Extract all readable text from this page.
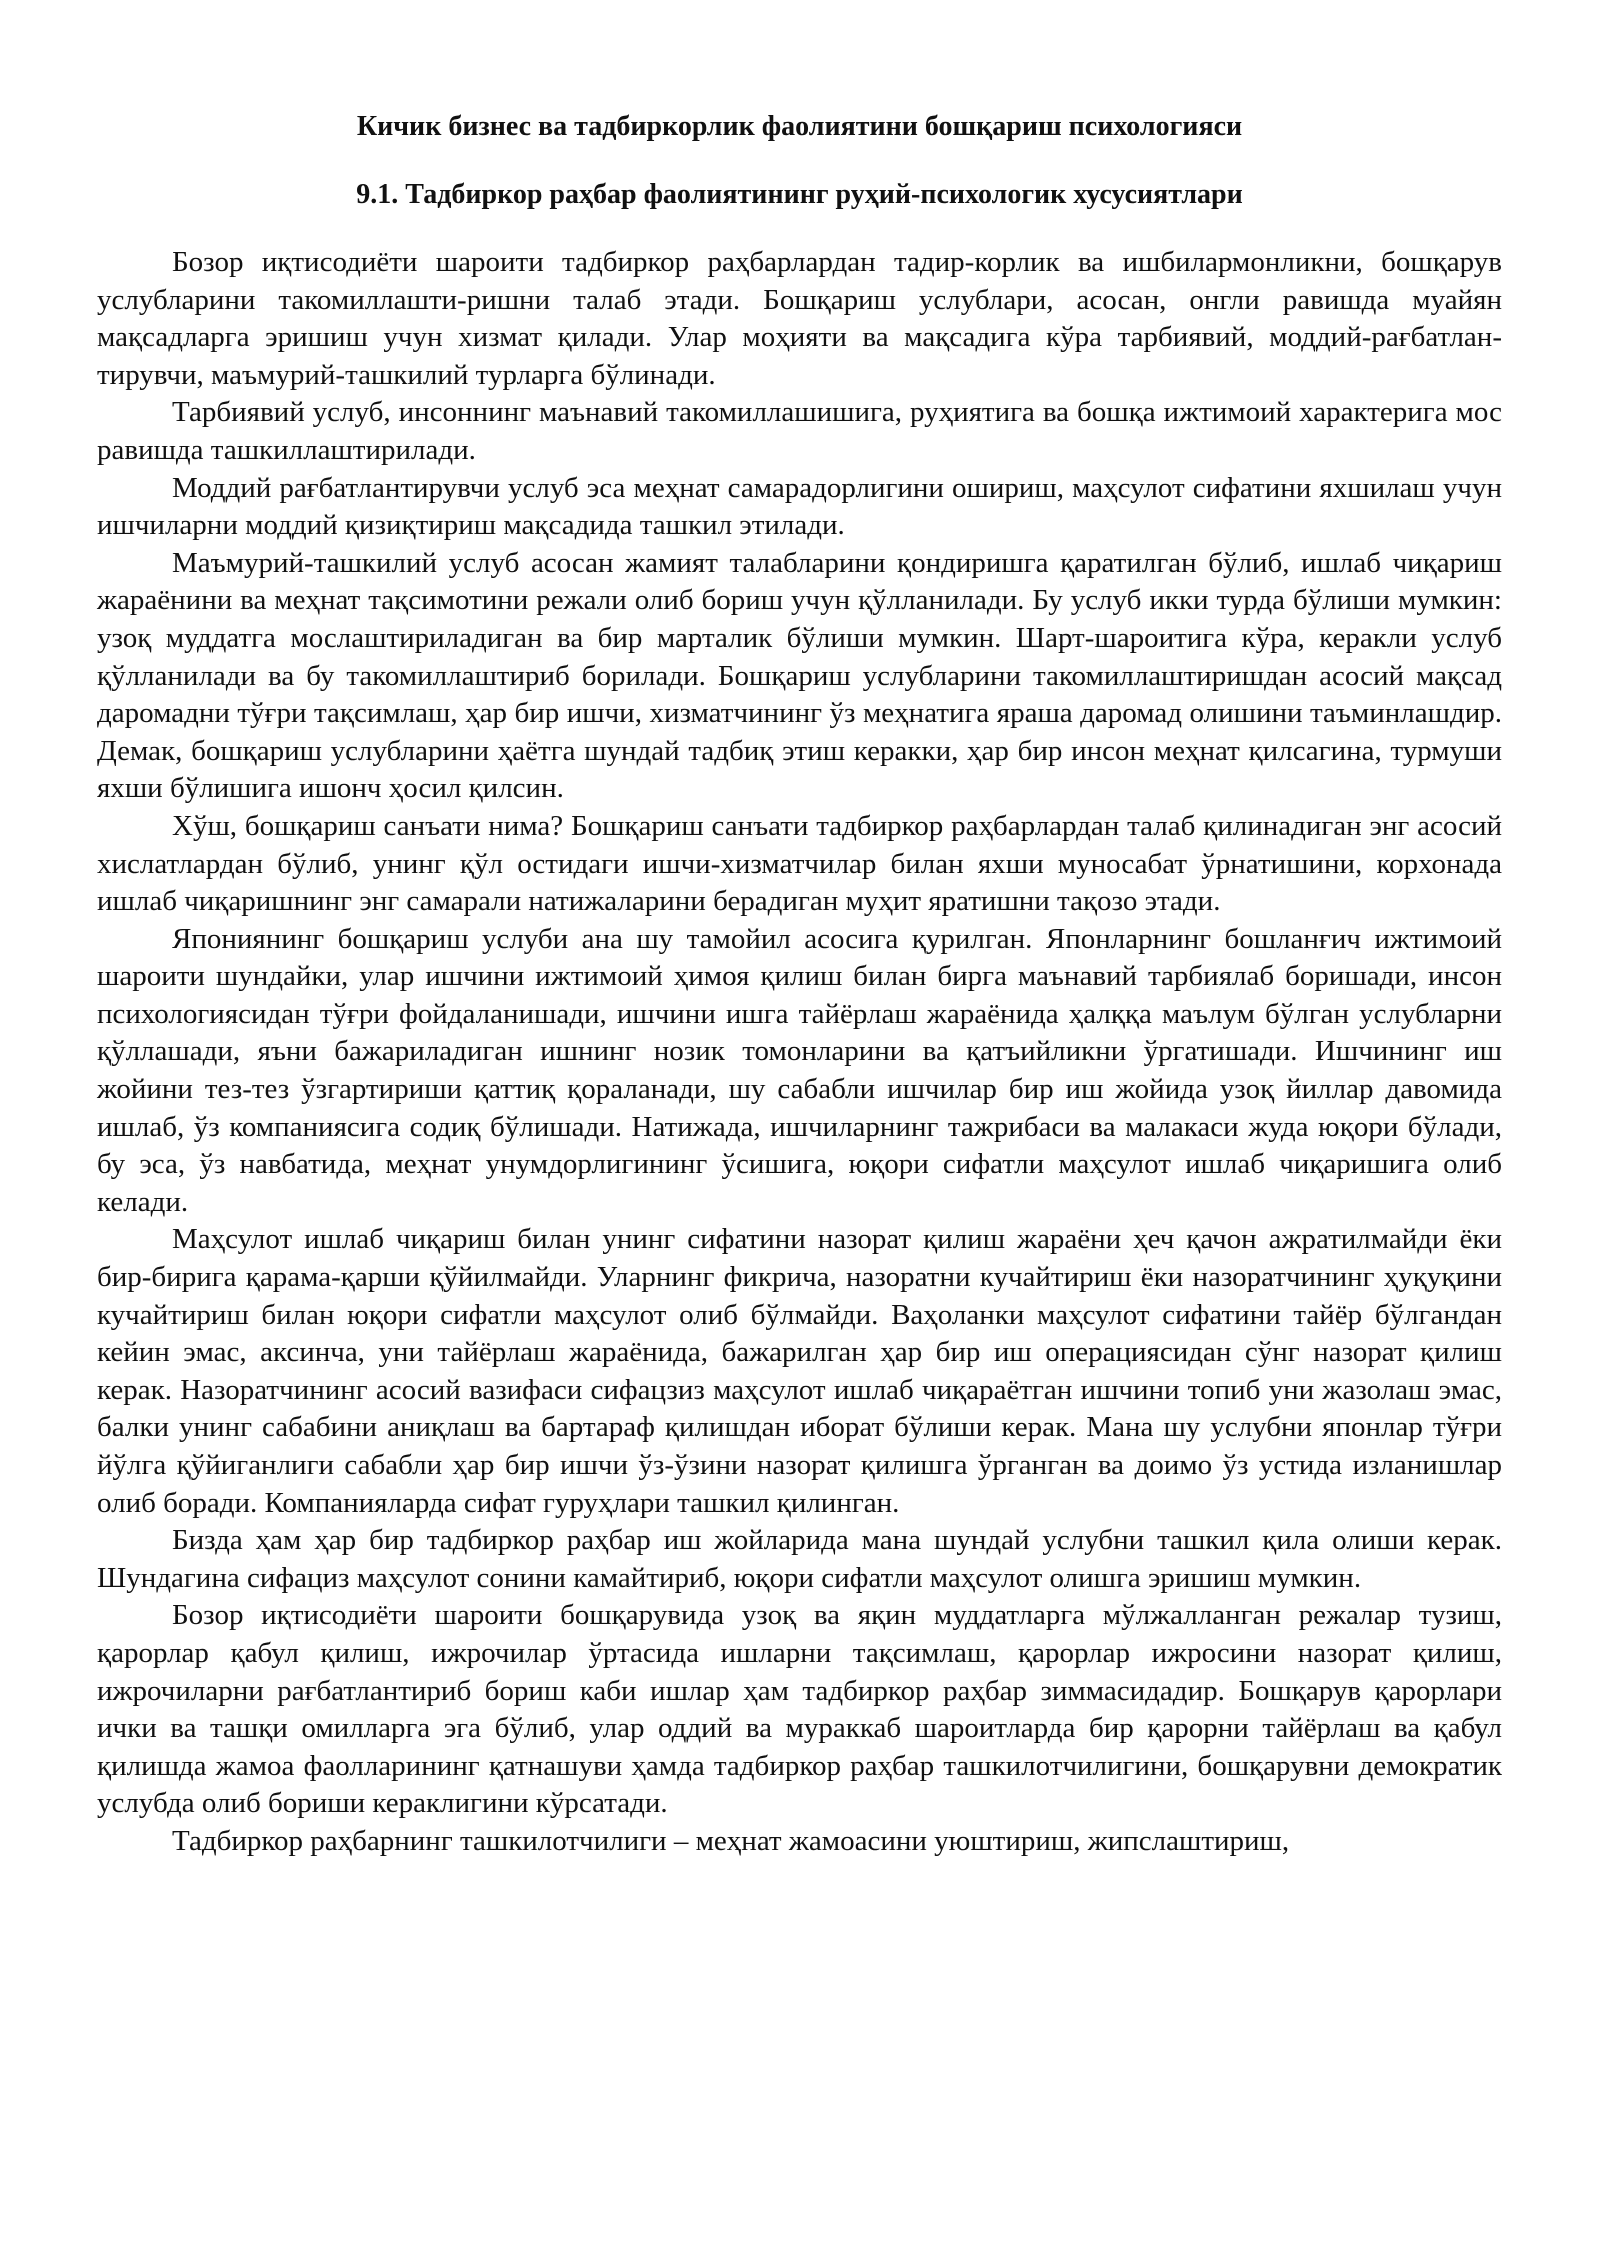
Кичик бизнес ва тадбиркорлик фаолиятини бошқариш психологияси
9.1. Тадбиркор раҳбар фаолиятининг руҳий-психологик хусусиятлари

Бозор иқтисодиёти шароити тадбиркор раҳбарлардан тадир-корлик ва ишбилармонликни, бошқарув услубларини такомиллашти-ришни талаб этади. Бошқариш услублари, асосан, онгли равишда муайян мақсадларга эришиш учун хизмат қилади. Улар моҳияти ва мақсадига кўра тарбиявий, моддий-рағбатлан-тирувчи, маъмурий-ташкилий турларга бўлинади.

Тарбиявий услуб, инсоннинг маънавий такомиллашишига, руҳиятига ва бошқа ижтимоий характерига мос равишда ташкиллаштирилади.

Моддий рағбатлантирувчи услуб эса меҳнат самарадорлигини ошириш, маҳсулот сифатини яхшилаш учун ишчиларни моддий қизиқтириш мақсадида ташкил этилади.

Маъмурий-ташкилий услуб асосан жамият талабларини қондиришга қаратилган бўлиб, ишлаб чиқариш жараёнини ва меҳнат тақсимотини режали олиб бориш учун қўлланилади. Бу услуб икки турда бўлиши мумкин: узоқ муддатга мослаштириладиган ва бир марталик бўлиши мумкин. Шарт-шароитига кўра, керакли услуб қўлланилади ва бу такомиллаштириб борилади. Бошқариш услубларини такомиллаштиришдан асосий мақсад даромадни тўғри тақсимлаш, ҳар бир ишчи, хизматчининг ўз меҳнатига яраша даромад олишини таъминлашдир. Демак, бошқариш услубларини ҳаётга шундай тадбиқ этиш керакки, ҳар бир инсон меҳнат қилсагина, турмуши яхши бўлишига ишонч ҳосил қилсин.

Хўш, бошқариш санъати нима? Бошқариш санъати тадбиркор раҳбарлардан талаб қилинадиган энг асосий хислатлардан бўлиб, унинг қўл остидаги ишчи-хизматчилар билан яхши муносабат ўрнатишини, корхонада ишлаб чиқаришнинг энг самарали натижаларини берадиган муҳит яратишни тақозо этади.

Япониянинг бошқариш услуби ана шу тамойил асосига қурилган. Японларнинг бошланғич ижтимоий шароити шундайки, улар ишчини ижтимоий ҳимоя қилиш билан бирга маънавий тарбиялаб боришади, инсон психологиясидан тўғри фойдаланишади, ишчини ишга тайёрлаш жараёнида ҳалққа маълум бўлган услубларни қўллашади, яъни бажариладиган ишнинг нозик томонларини ва қатъийликни ўргатишади. Ишчининг иш жойини тез-тез ўзгартириши қаттиқ қораланади, шу сабабли ишчилар бир иш жойида узоқ йиллар давомида ишлаб, ўз компаниясига содиқ бўлишади. Натижада, ишчиларнинг тажрибаси ва малакаси жуда юқори бўлади, бу эса, ўз навбатида, меҳнат унумдорлигининг ўсишига, юқори сифатли маҳсулот ишлаб чиқаришига олиб келади.

Маҳсулот ишлаб чиқариш билан унинг сифатини назорат қилиш жараёни ҳеч қачон ажратилмайди ёки бир-бирига қарама-қарши қўйилмайди. Уларнинг фикрича, назоратни кучайтириш ёки назоратчининг ҳуқуқини кучайтириш билан юқори сифатли маҳсулот олиб бўлмайди. Ваҳоланки маҳсулот сифатини тайёр бўлгандан кейин эмас, аксинча, уни тайёрлаш жараёнида, бажарилган ҳар бир иш операциясидан сўнг назорат қилиш керак. Назоратчининг асосий вазифаси сифацзиз маҳсулот ишлаб чиқараётган ишчини топиб уни жазолаш эмас, балки унинг сабабини аниқлаш ва бартараф қилишдан иборат бўлиши керак. Мана шу услубни японлар тўғри йўлга қўйиганлиги сабабли ҳар бир ишчи ўз-ўзини назорат қилишга ўрганган ва доимо ўз устида изланишлар олиб боради. Компанияларда сифат гуруҳлари ташкил қилинган.

Бизда ҳам ҳар бир тадбиркор раҳбар иш жойларида мана шундай услубни ташкил қила олиши керак. Шундагина сифациз маҳсулот сонини камайтириб, юқори сифатли маҳсулот олишга эришиш мумкин.

Бозор иқтисодиёти шароити бошқарувида узоқ ва яқин муддатларга мўлжалланган режалар тузиш, қарорлар қабул қилиш, ижрочилар ўртасида ишларни тақсимлаш, қарорлар ижросини назорат қилиш, ижрочиларни рағбатлантириб бориш каби ишлар ҳам тадбиркор раҳбар зиммасидадир. Бошқарув қарорлари ички ва ташқи омилларга эга бўлиб, улар оддий ва мураккаб шароитларда бир қарорни тайёрлаш ва қабул қилишда жамоа фаолларининг қатнашуви ҳамда тадбиркор раҳбар ташкилотчилигини, бошқарувни демократик услубда олиб бориши кераклигини кўрсатади.

Тадбиркор раҳбарнинг ташкилотчилиги – меҳнат жамоасини уюштириш, жипслаштириш,
